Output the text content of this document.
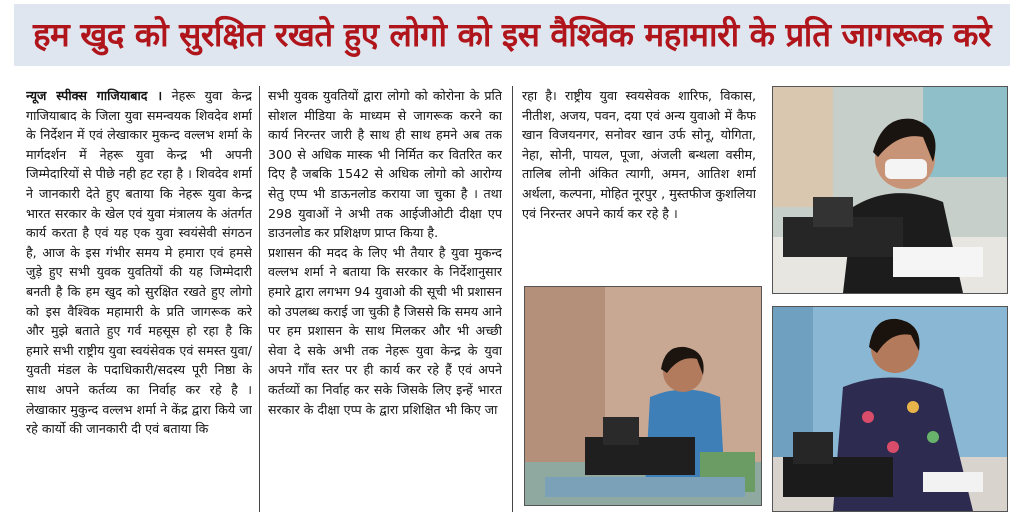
हम खुद को सुरक्षित रखते हुए लोगो को इस वैश्विक महामारी के प्रति जागरूक करे

न्यूज स्पीक्स गाजियाबाद । नेहरू युवा केन्द्र गाजियाबाद के जिला युवा समन्वयक शिवदेव शर्मा के निर्देशन में एवं लेखाकार मुकन्द वल्लभ शर्मा के मार्गदर्शन में नेहरू युवा केन्द्र भी अपनी जिम्मेदारियों से पीछे नही हट रहा है । शिवदेव शर्मा ने जानकारी देते हुए बताया कि नेहरू युवा केन्द्र भारत सरकार के खेल एवं युवा मंत्रालय के अंतर्गत कार्य करता है एवं यह एक युवा स्वयंसेवी संगठन है, आज के इस गंभीर समय मे हमारा एवं हमसे जुड़े हुए सभी युवक युवतियों की यह जिम्मेदारी बनती है कि हम खुद को सुरक्षित रखते हुए लोगो को इस वैश्विक महामारी के प्रति जागरूक करे और मुझे बताते हुए गर्व महसूस हो रहा है कि हमारे सभी राष्ट्रीय युवा स्वयंसेवक एवं समस्त युवा/युवती मंडल के पदाधिकारी/सदस्य पूरी निष्ठा के साथ अपने कर्तव्य का निर्वाह कर रहे है । लेखाकार मुकुन्द वल्लभ शर्मा ने केंद्र द्वारा किये जा रहे कार्यो की जानकारी दी एवं बताया कि

सभी युवक युवतियों द्वारा लोगो को कोरोना के प्रति सोशल मीडिया के माध्यम से जागरूक करने का कार्य निरन्तर जारी है साथ ही साथ हमने अब तक 300 से अधिक मास्क भी निर्मित कर वितरित कर दिए है जबकि 1542 से अधिक लोगो को आरोग्य सेतु एप्प भी डाऊनलोड कराया जा चुका है । तथा 298 युवाओं ने अभी तक आईजीओटी दीक्षा एप डाउनलोड कर प्रशिक्षण प्राप्त किया है.

प्रशासन की मदद के लिए भी तैयार है युवा मुकन्द वल्लभ शर्मा ने बताया कि सरकार के निर्देशानुसार हमारे द्वारा लगभग 94 युवाओ की सूची भी प्रशासन को उपलब्ध कराई जा चुकी है जिससे कि समय आने पर हम प्रशासन के साथ मिलकर और भी अच्छी सेवा दे सके अभी तक नेहरू युवा केन्द्र के युवा अपने गाँव स्तर पर ही कार्य कर रहे हैं एवं अपने कर्तव्यों का निर्वाह कर सके जिसके लिए इन्हें भारत सरकार के दीक्षा एप्प के द्वारा प्रशिक्षित भी किए जा

रहा है। राष्ट्रीय युवा स्वयसेवक शारिफ, विकास, नीतीश, अजय, पवन, दया एवं अन्य युवाओ में कैफ खान विजयनगर, सनोवर खान उर्फ सोनू, योगिता, नेहा, सोनी, पायल, पूजा, अंजली बन्थला वसीम, तालिब लोनी अंकित त्यागी, अमन, आतिश शर्मा अर्थला, कल्पना, मोहित नूरपुर , मुस्तफीज कुशलिया एवं निरन्तर अपने कार्य कर रहे है ।
